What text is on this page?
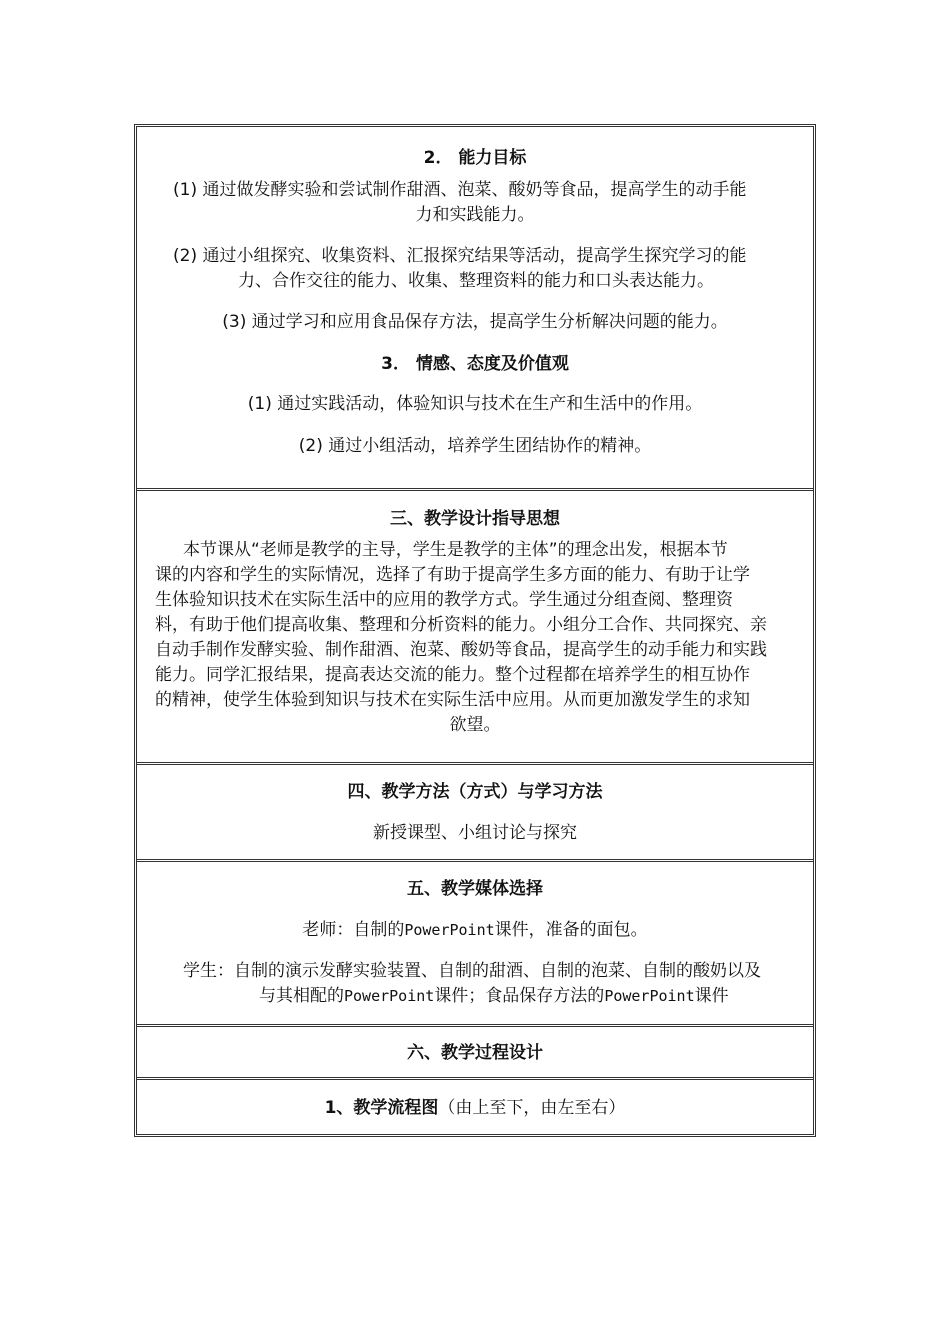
2． 能力目标
(1) 通过做发酵实验和尝试制作甜酒、泡菜、酸奶等食品，提高学生的动手能
力和实践能力。
(2) 通过小组探究、收集资料、汇报探究结果等活动，提高学生探究学习的能
力、合作交往的能力、收集、整理资料的能力和口头表达能力。
(3) 通过学习和应用食品保存方法，提高学生分析解决问题的能力。
3． 情感、态度及价值观
(1) 通过实践活动，体验知识与技术在生产和生活中的作用。
(2) 通过小组活动，培养学生团结协作的精神。
三、教学设计指导思想
本节课从“老师是教学的主导，学生是教学的主体”的理念出发，根据本节
课的内容和学生的实际情况，选择了有助于提高学生多方面的能力、有助于让学
生体验知识技术在实际生活中的应用的教学方式。学生通过分组查阅、整理资
料，有助于他们提高收集、整理和分析资料的能力。小组分工合作、共同探究、亲
自动手制作发酵实验、制作甜酒、泡菜、酸奶等食品，提高学生的动手能力和实践
能力。同学汇报结果，提高表达交流的能力。整个过程都在培养学生的相互协作
的精神，使学生体验到知识与技术在实际生活中应用。从而更加激发学生的求知
欲望。
四、教学方法（方式）与学习方法
新授课型、小组讨论与探究
五、教学媒体选择
老师：自制的PowerPoint课件，准备的面包。
学生：自制的演示发酵实验装置、自制的甜酒、自制的泡菜、自制的酸奶以及
与其相配的PowerPoint课件；食品保存方法的PowerPoint课件
六、教学过程设计
1、教学流程图（由上至下，由左至右）
